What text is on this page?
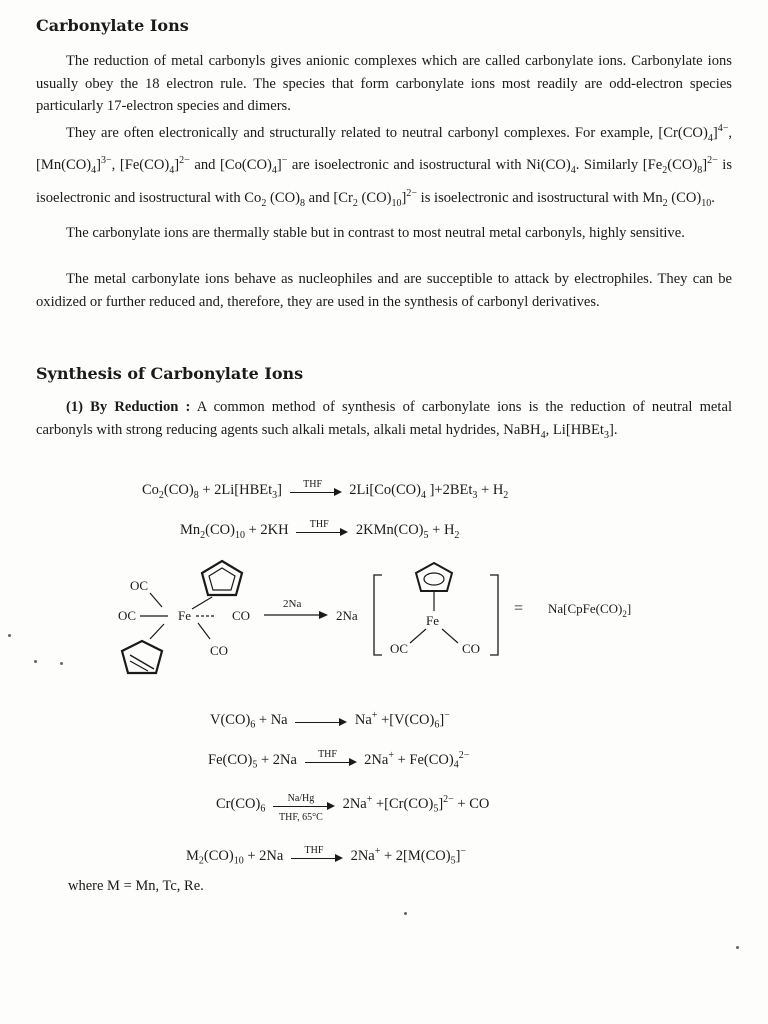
Carbonylate Ions

The reduction of metal carbonyls gives anionic complexes which are called carbonylate ions. Carbonylate ions usually obey the 18 electron rule. The species that form carbonylate ions most readily are odd-electron species particularly 17-electron species and dimers.

They are often electronically and structurally related to neutral carbonyl complexes. For example, $[Cr(CO)_4]^{4-}$, $[Mn(CO)_4]^{3-}$, $[Fe(CO)_4]^{2-}$ and $[Co(CO)_4]^-$ are isoelectronic and isostructural with $Ni(CO)_4$. Similarly $[Fe_2(CO)_8]^{2-}$ is isoelectronic and isostructural with $Co_2$ $(CO)_8$ and [$Cr_2$ $(CO)_{10}]^{2-}$ is isoelectronic and isostructural with $Mn_2$ $(CO)_{10}$.

The carbonylate ions are thermally stable but in contrast to most neutral metal carbonyls, highly sensitive.

The metal carbonylate ions behave as nucleophiles and are succeptible to attack by electrophiles. They can be oxidized or further reduced and, therefore, they are used in the synthesis of carbonyl derivatives.

Synthesis of Carbonylate Ions

(1) By Reduction : A common method of synthesis of carbonylate ions is the reduction of neutral metal carbonyls with strong reducing agents such alkali metals, alkali metal hydrides, NaBH$_4$, Li[HBEt$_3$].

$Co_2(CO)_8$ + 2Li[HBEt$_3$]	THF	$2Li[Co(CO)_4$ ]$+2BEt_3 + H_2$
$Mn_2(CO)_{10} + 2KH$	THF	$2KMn(CO)_5 + H_2$
OC
OC	Fe	CO
CO
2Na
2Na	Fe
OC	CO
= $Na[CpFe(CO)_2]$
$V(CO)_6 + Na$	$Na^+ +[V(CO)_6]^-$
$Fe(CO)_5 + 2Na$	THF	$2Na^+ + Fe(CO)_4^{2-}$
$Cr(CO)_6$
Na/Hg
THF, 65°C
$2Na^+ +[Cr(CO)_5]^{2-}$ + CO
$M_2(CO)_{10} + 2Na$	THF	$2Na^+ + 2[M(CO)_5]^-$

where M = Mn, Tc, Re.
